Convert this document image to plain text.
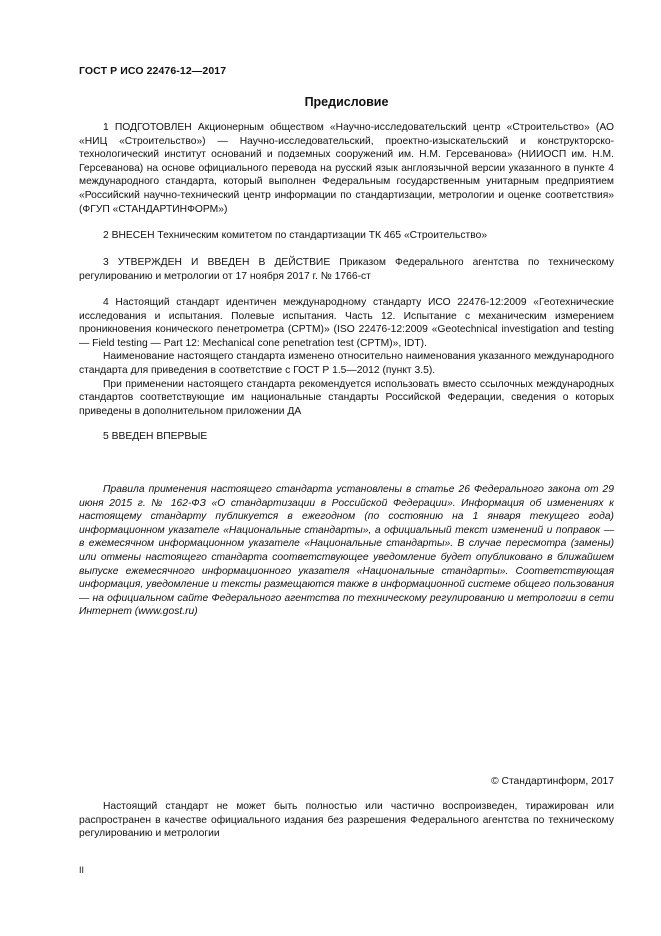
ГОСТ Р ИСО 22476-12—2017
Предисловие

1 ПОДГОТОВЛЕН Акционерным обществом «Научно-исследовательский центр «Строительство» (АО «НИЦ «Строительство») — Научно-исследовательский, проектно-изыскательский и конструкторско-технологический институт оснований и подземных сооружений им. Н.М. Герсеванова» (НИИОСП им. Н.М. Герсеванова) на основе официального перевода на русский язык англоязычной версии указанного в пункте 4 международного стандарта, который выполнен Федеральным государственным унитарным предприятием «Российский научно-технический центр информации по стандартизации, метрологии и оценке соответствия» (ФГУП «СТАНДАРТИНФОРМ»)

2 ВНЕСЕН Техническим комитетом по стандартизации ТК 465 «Строительство»

3 УТВЕРЖДЕН И ВВЕДЕН В ДЕЙСТВИЕ Приказом Федерального агентства по техническому регулированию и метрологии от 17 ноября 2017 г. № 1766-ст

4 Настоящий стандарт идентичен международному стандарту ИСО 22476-12:2009 «Геотехнические исследования и испытания. Полевые испытания. Часть 12. Испытание с механическим измерением проникновения конического пенетрометра (CPTM)» (ISO 22476-12:2009 «Geotechnical investigation and testing — Field testing — Part 12: Mechanical cone penetration test (CPTM)», IDT).

Наименование настоящего стандарта изменено относительно наименования указанного международного стандарта для приведения в соответствие с ГОСТ Р 1.5—2012 (пункт 3.5).

При применении настоящего стандарта рекомендуется использовать вместо ссылочных международных стандартов соответствующие им национальные стандарты Российской Федерации, сведения о которых приведены в дополнительном приложении ДА

5 ВВЕДЕН ВПЕРВЫЕ

Правила применения настоящего стандарта установлены в статье 26 Федерального закона от 29 июня 2015 г. № 162-ФЗ «О стандартизации в Российской Федерации». Информация об изменениях к настоящему стандарту публикуется в ежегодном (по состоянию на 1 января текущего года) информационном указателе «Национальные стандарты», а официальный текст изменений и поправок — в ежемесячном информационном указателе «Национальные стандарты». В случае пересмотра (замены) или отмены настоящего стандарта соответствующее уведомление будет опубликовано в ближайшем выпуске ежемесячного информационного указателя «Национальные стандарты». Соответствующая информация, уведомление и тексты размещаются также в информационной системе общего пользования — на официальном сайте Федерального агентства по техническому регулированию и метрологии в сети Интернет (www.gost.ru)

© Стандартинформ, 2017

Настоящий стандарт не может быть полностью или частично воспроизведен, тиражирован или распространен в качестве официального издания без разрешения Федерального агентства по техническому регулированию и метрологии

II
